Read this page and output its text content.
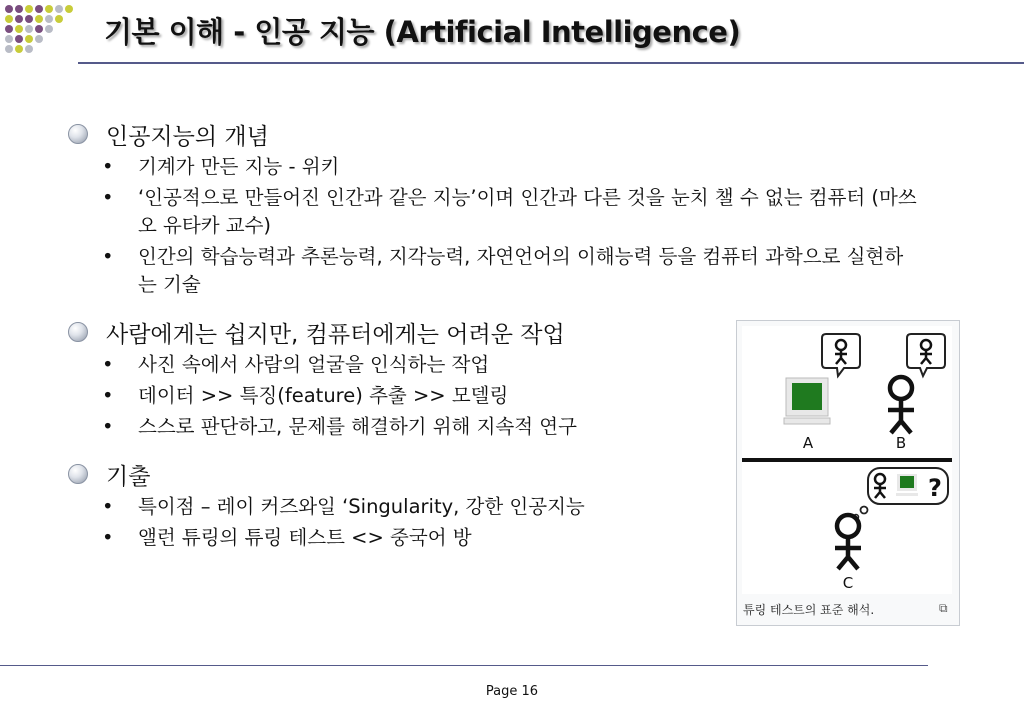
기본 이해 - 인공 지능 (Artificial Intelligence)
인공지능의 개념
• 기계가 만든 지능 - 위키
• ‘인공적으로 만들어진 인간과 같은 지능’이며 인간과 다른 것을 눈치 챌 수 없는 컴퓨터 (마쓰오 유타카 교수)
• 인간의 학습능력과 추론능력, 지각능력, 자연언어의 이해능력 등을 컴퓨터 과학으로 실현하는 기술
사람에게는 쉽지만, 컴퓨터에게는 어려운 작업
• 사진 속에서 사람의 얼굴을 인식하는 작업
• 데이터 >> 특징(feature) 추출 >> 모델링
• 스스로 판단하고, 문제를 해결하기 위해 지속적 연구
기출
• 특이점 – 레이 커즈와일 ‘Singularity, 강한 인공지능
• 앨런 튜링의 튜링 테스트 <> 중국어 방
A	B
?
C
튜링 테스트의 표준 해석.	⧉
Page 16
